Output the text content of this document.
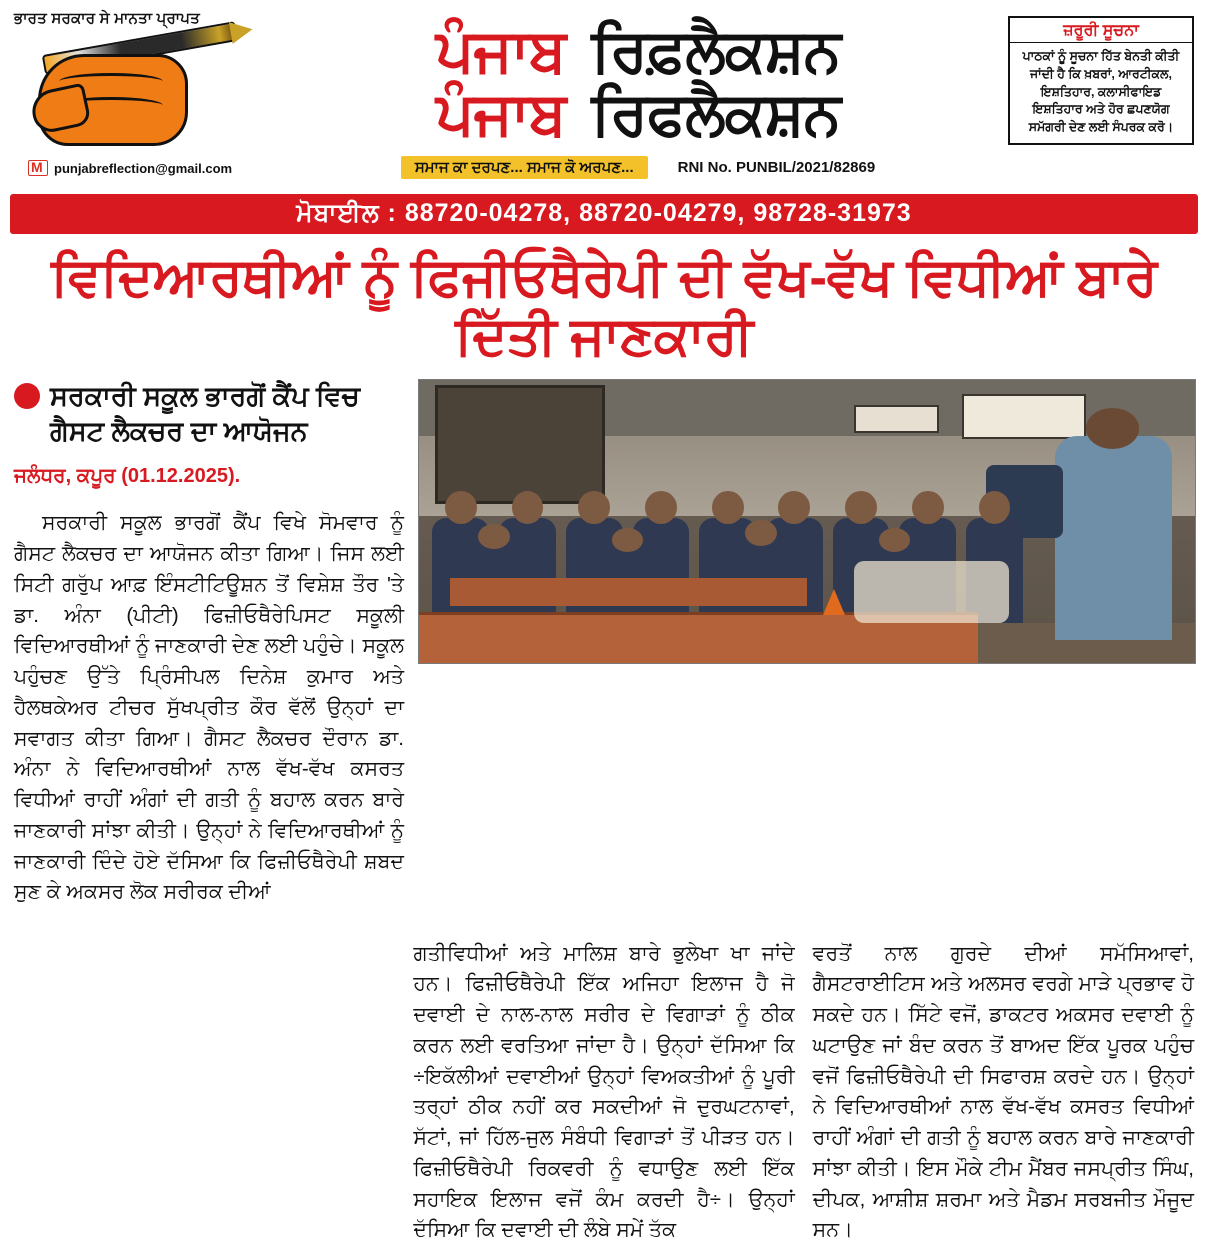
ਭਾਰਤ ਸਰਕਾਰ ਸੇ ਮਾਨਤਾ ਪ੍ਰਾਪਤ
M
punjabreflection@gmail.com
ਪੰਜਾਬ ਰਿਫ਼ਲੈਕਸ਼ਨ
ਪੰਜਾਬ ਰਿਫਲੈਕਸ਼ਨ
ਸਮਾਜ ਕਾ ਦਰਪਣ... ਸਮਾਜ ਕੋ ਅਰਪਣ...	RNI No. PUNBIL/2021/82869
ਜ਼ਰੂਰੀ ਸੂਚਨਾ
ਪਾਠਕਾਂ ਨੂੰ ਸੂਚਨਾ ਹਿੱਤ ਬੇਨਤੀ ਕੀਤੀ ਜਾਂਦੀ ਹੈ ਕਿ ਖ਼ਬਰਾਂ, ਆਰਟੀਕਲ, ਇਸ਼ਤਿਹਾਰ, ਕਲਾਸੀਫਾਇਡ ਇਸ਼ਤਿਹਾਰ ਅਤੇ ਹੋਰ ਛਪਣਯੋਗ ਸਮੱਗਰੀ ਦੇਣ ਲਈ ਸੰਪਰਕ ਕਰੋ।
ਮੋਬਾਈਲ : 88720-04278, 88720-04279, 98728-31973
ਵਿਦਿਆਰਥੀਆਂ ਨੂੰ ਫਿਜੀਓਥੈਰੇਪੀ ਦੀ ਵੱਖ-ਵੱਖ ਵਿਧੀਆਂ ਬਾਰੇ ਦਿੱਤੀ ਜਾਣਕਾਰੀ
ਸਰਕਾਰੀ ਸਕੂਲ ਭਾਰਗੋਂ ਕੈਂਪ ਵਿਚ ਗੈਸਟ ਲੈਕਚਰ ਦਾ ਆਯੋਜਨ
ਜਲੰਧਰ, ਕਪੂਰ (01.12.2025).

ਸਰਕਾਰੀ ਸਕੂਲ ਭਾਰਗੋਂ ਕੈਂਪ ਵਿਖੇ ਸੋਮਵਾਰ ਨੂੰ ਗੈਸਟ ਲੈਕਚਰ ਦਾ ਆਯੋਜਨ ਕੀਤਾ ਗਿਆ। ਜਿਸ ਲਈ ਸਿਟੀ ਗਰੁੱਪ ਆਫ਼ ਇੰਸਟੀਟਿਊਸ਼ਨ ਤੋਂ ਵਿਸ਼ੇਸ਼ ਤੌਰ 'ਤੇ ਡਾ. ਅੰਨਾ (ਪੀਟੀ) ਫਿਜ਼ੀਓਥੈਰੇਪਿਸਟ ਸਕੂਲੀ ਵਿਦਿਆਰਥੀਆਂ ਨੂੰ ਜਾਣਕਾਰੀ ਦੇਣ ਲਈ ਪਹੁੰਚੇ। ਸਕੂਲ ਪਹੁੰਚਣ ਉੱਤੇ ਪ੍ਰਿੰਸੀਪਲ ਦਿਨੇਸ਼ ਕੁਮਾਰ ਅਤੇ ਹੈਲਥਕੇਅਰ ਟੀਚਰ ਸੁੱਖਪ੍ਰੀਤ ਕੌਰ ਵੱਲੋਂ ਉਨ੍ਹਾਂ ਦਾ ਸਵਾਗਤ ਕੀਤਾ ਗਿਆ। ਗੈਸਟ ਲੈਕਚਰ ਦੌਰਾਨ ਡਾ. ਅੰਨਾ ਨੇ ਵਿਦਿਆਰਥੀਆਂ ਨਾਲ ਵੱਖ-ਵੱਖ ਕਸਰਤ ਵਿਧੀਆਂ ਰਾਹੀਂ ਅੰਗਾਂ ਦੀ ਗਤੀ ਨੂੰ ਬਹਾਲ ਕਰਨ ਬਾਰੇ ਜਾਣਕਾਰੀ ਸਾਂਝਾ ਕੀਤੀ। ਉਨ੍ਹਾਂ ਨੇ ਵਿਦਿਆਰਥੀਆਂ ਨੂੰ ਜਾਣਕਾਰੀ ਦਿੰਦੇ ਹੋਏ ਦੱਸਿਆ ਕਿ ਫਿਜ਼ੀਓਥੈਰੇਪੀ ਸ਼ਬਦ ਸੁਣ ਕੇ ਅਕਸਰ ਲੋਕ ਸਰੀਰਕ ਦੀਆਂ

ਗਤੀਵਿਧੀਆਂ ਅਤੇ ਮਾਲਿਸ਼ ਬਾਰੇ ਭੁਲੇਖਾ ਖਾ ਜਾਂਦੇ ਹਨ। ਫਿਜ਼ੀਓਥੈਰੇਪੀ ਇੱਕ ਅਜਿਹਾ ਇਲਾਜ ਹੈ ਜੋ ਦਵਾਈ ਦੇ ਨਾਲ-ਨਾਲ ਸਰੀਰ ਦੇ ਵਿਗਾੜਾਂ ਨੂੰ ਠੀਕ ਕਰਨ ਲਈ ਵਰਤਿਆ ਜਾਂਦਾ ਹੈ। ਉਨ੍ਹਾਂ ਦੱਸਿਆ ਕਿ ÷ਇਕੱਲੀਆਂ ਦਵਾਈਆਂ ਉਨ੍ਹਾਂ ਵਿਅਕਤੀਆਂ ਨੂੰ ਪੂਰੀ ਤਰ੍ਹਾਂ ਠੀਕ ਨਹੀਂ ਕਰ ਸਕਦੀਆਂ ਜੋ ਦੁਰਘਟਨਾਵਾਂ, ਸੱਟਾਂ, ਜਾਂ ਹਿੱਲ-ਜੁਲ ਸੰਬੰਧੀ ਵਿਗਾੜਾਂ ਤੋਂ ਪੀੜਤ ਹਨ। ਫਿਜ਼ੀਓਥੈਰੇਪੀ ਰਿਕਵਰੀ ਨੂੰ ਵਧਾਉਣ ਲਈ ਇੱਕ ਸਹਾਇਕ ਇਲਾਜ ਵਜੋਂ ਕੰਮ ਕਰਦੀ ਹੈ÷। ਉਨ੍ਹਾਂ ਦੱਸਿਆ ਕਿ ਦਵਾਈ ਦੀ ਲੰਬੇ ਸਮੇਂ ਤੱਕ

ਵਰਤੋਂ ਨਾਲ ਗੁਰਦੇ ਦੀਆਂ ਸਮੱਸਿਆਵਾਂ, ਗੈਸਟਰਾਈਟਿਸ ਅਤੇ ਅਲਸਰ ਵਰਗੇ ਮਾੜੇ ਪ੍ਰਭਾਵ ਹੋ ਸਕਦੇ ਹਨ। ਸਿੱਟੇ ਵਜੋਂ, ਡਾਕਟਰ ਅਕਸਰ ਦਵਾਈ ਨੂੰ ਘਟਾਉਣ ਜਾਂ ਬੰਦ ਕਰਨ ਤੋਂ ਬਾਅਦ ਇੱਕ ਪੂਰਕ ਪਹੁੰਚ ਵਜੋਂ ਫਿਜ਼ੀਓਥੈਰੇਪੀ ਦੀ ਸਿਫਾਰਸ਼ ਕਰਦੇ ਹਨ। ਉਨ੍ਹਾਂ ਨੇ ਵਿਦਿਆਰਥੀਆਂ ਨਾਲ ਵੱਖ-ਵੱਖ ਕਸਰਤ ਵਿਧੀਆਂ ਰਾਹੀਂ ਅੰਗਾਂ ਦੀ ਗਤੀ ਨੂੰ ਬਹਾਲ ਕਰਨ ਬਾਰੇ ਜਾਣਕਾਰੀ ਸਾਂਝਾ ਕੀਤੀ। ਇਸ ਮੌਕੇ ਟੀਮ ਮੈਂਬਰ ਜਸਪ੍ਰੀਤ ਸਿੰਘ, ਦੀਪਕ, ਆਸ਼ੀਸ਼ ਸ਼ਰਮਾ ਅਤੇ ਮੈਡਮ ਸਰਬਜੀਤ ਮੌਜੂਦ ਸਨ।
